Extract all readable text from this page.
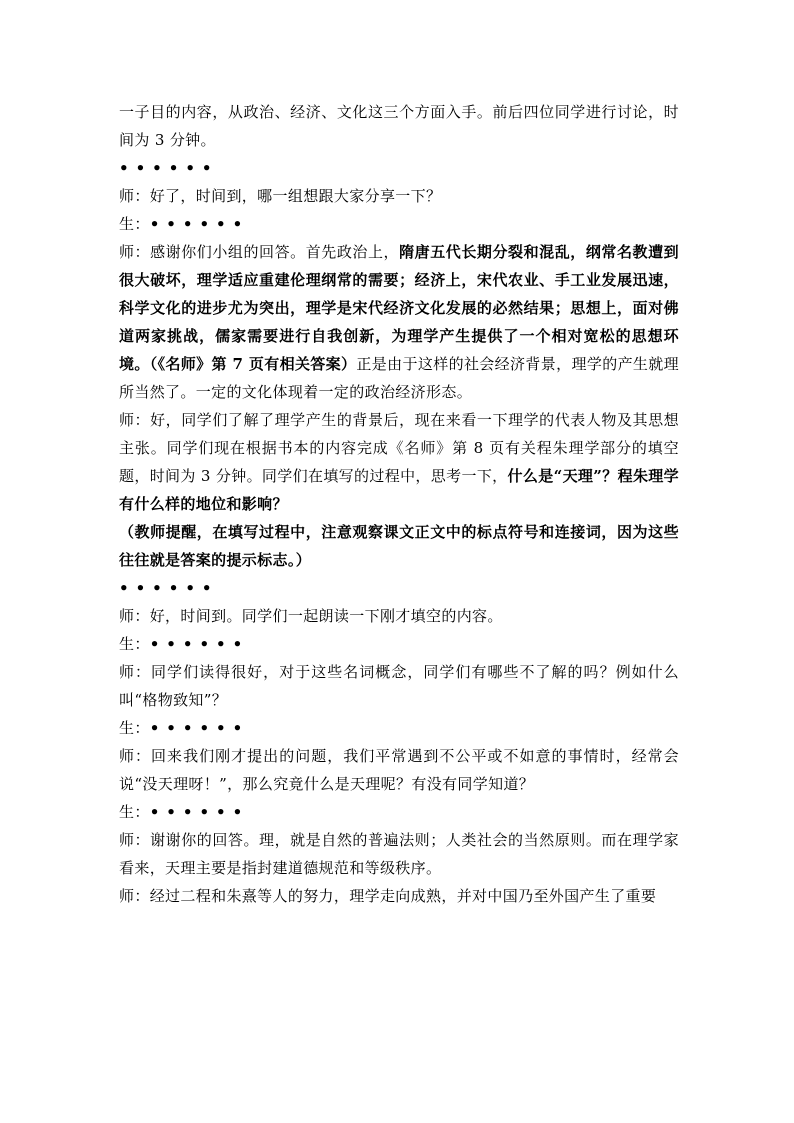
一子目的内容，从政治、经济、文化这三个方面入手。前后四位同学进行讨论，时间为 3 分钟。

••••••

师：好了，时间到，哪一组想跟大家分享一下？

生：••••••

师：感谢你们小组的回答。首先政治上，隋唐五代长期分裂和混乱，纲常名教遭到很大破坏，理学适应重建伦理纲常的需要；经济上，宋代农业、手工业发展迅速，科学文化的进步尤为突出，理学是宋代经济文化发展的必然结果；思想上，面对佛道两家挑战，儒家需要进行自我创新，为理学产生提供了一个相对宽松的思想环境。（《名师》第 7 页有相关答案）正是由于这样的社会经济背景，理学的产生就理所当然了。一定的文化体现着一定的政治经济形态。

师：好，同学们了解了理学产生的背景后，现在来看一下理学的代表人物及其思想主张。同学们现在根据书本的内容完成《名师》第 8 页有关程朱理学部分的填空题，时间为 3 分钟。同学们在填写的过程中，思考一下，什么是“天理”？程朱理学有什么样的地位和影响？

（教师提醒，在填写过程中，注意观察课文正文中的标点符号和连接词，因为这些往往就是答案的提示标志。）

••••••

师：好，时间到。同学们一起朗读一下刚才填空的内容。

生：••••••

师：同学们读得很好，对于这些名词概念，同学们有哪些不了解的吗？例如什么叫“格物致知”？

生：••••••

师：回来我们刚才提出的问题，我们平常遇到不公平或不如意的事情时，经常会说“没天理呀！”，那么究竟什么是天理呢？有没有同学知道？

生：••••••

师：谢谢你的回答。理，就是自然的普遍法则；人类社会的当然原则。而在理学家看来，天理主要是指封建道德规范和等级秩序。

师：经过二程和朱熹等人的努力，理学走向成熟，并对中国乃至外国产生了重要
